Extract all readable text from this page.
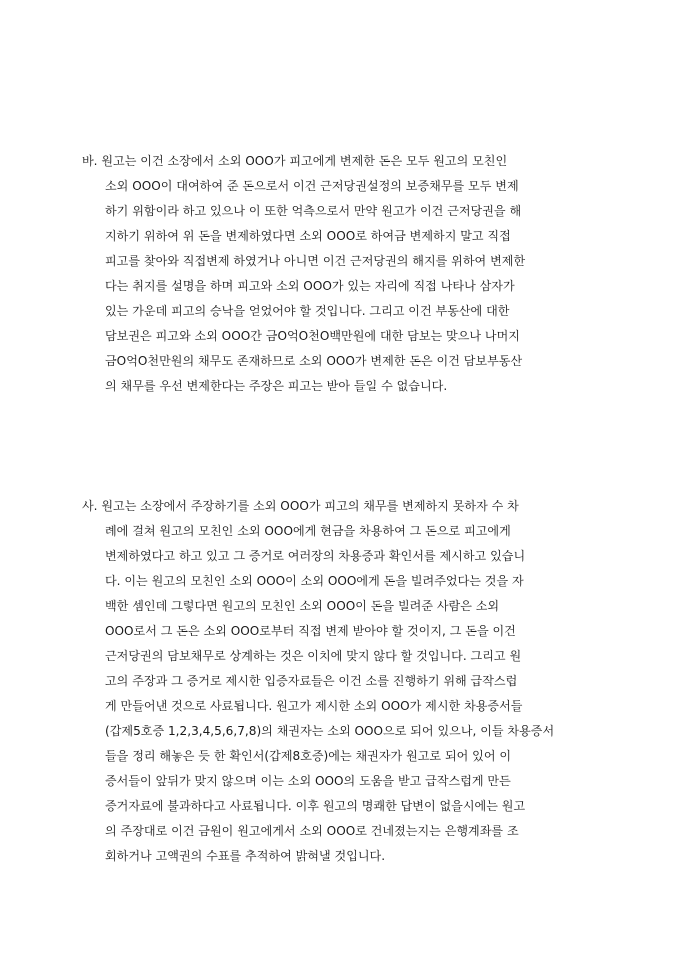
바. 원고는 이건 소장에서 소외 OOO가 피고에게 변제한 돈은 모두 원고의 모친인
소외 OOO이 대여하여 준 돈으로서 이건 근저당권설정의 보증채무를 모두 변제
하기 위함이라 하고 있으나 이 또한 억측으로서 만약 원고가 이건 근저당권을 해
지하기 위하여 위 돈을 변제하였다면 소외 OOO로 하여금 변제하지 말고 직접
피고를 찾아와 직접변제 하였거나 아니면 이건 근저당권의 해지를 위하여 변제한
다는 취지를 설명을 하며 피고와 소외 OOO가 있는 자리에 직접 나타나 삼자가
있는 가운데 피고의 승낙을 얻었어야 할 것입니다. 그리고 이건 부동산에 대한
담보권은 피고와 소외 OOO간 금O억O천O백만원에 대한 담보는 맞으나 나머지
금O억O천만원의 채무도 존재하므로 소외 OOO가 변제한 돈은 이건 담보부동산
의 채무를 우선 변제한다는 주장은 피고는 받아 들일 수 없습니다.
사. 원고는 소장에서 주장하기를 소외 OOO가 피고의 채무를 변제하지 못하자 수 차
례에 걸쳐 원고의 모친인 소외 OOO에게 현금을 차용하여 그 돈으로 피고에게
변제하였다고 하고 있고 그 증거로 여러장의 차용증과 확인서를 제시하고 있습니
다. 이는 원고의 모친인 소외 OOO이 소외 OOO에게 돈을 빌려주었다는 것을 자
백한 셈인데 그렇다면 원고의 모친인 소외 OOO이 돈을 빌려준 사람은 소외
OOO로서 그 돈은 소외 OOO로부터 직접 변제 받아야 할 것이지, 그 돈을 이건
근저당권의 담보채무로 상계하는 것은 이치에 맞지 않다 할 것입니다. 그리고 원
고의 주장과 그 증거로 제시한 입증자료들은 이건 소를 진행하기 위해 급작스럽
게 만들어낸 것으로 사료됩니다. 원고가 제시한 소외 OOO가 제시한 차용증서들
(갑제5호증 1,2,3,4,5,6,7,8)의 채권자는 소외 OOO으로 되어 있으나, 이들 차용증서
들을 정리 해놓은 듯 한 확인서(갑제8호증)에는 채권자가 원고로 되어 있어 이
증서들이 앞뒤가 맞지 않으며 이는 소외 OOO의 도움을 받고 급작스럽게 만든
증거자료에 불과하다고 사료됩니다. 이후 원고의 명쾌한 답변이 없을시에는 원고
의 주장대로 이건 금원이 원고에게서 소외 OOO로 건네졌는지는 은행계좌를 조
회하거나 고액권의 수표를 추적하여 밝혀낼 것입니다.
